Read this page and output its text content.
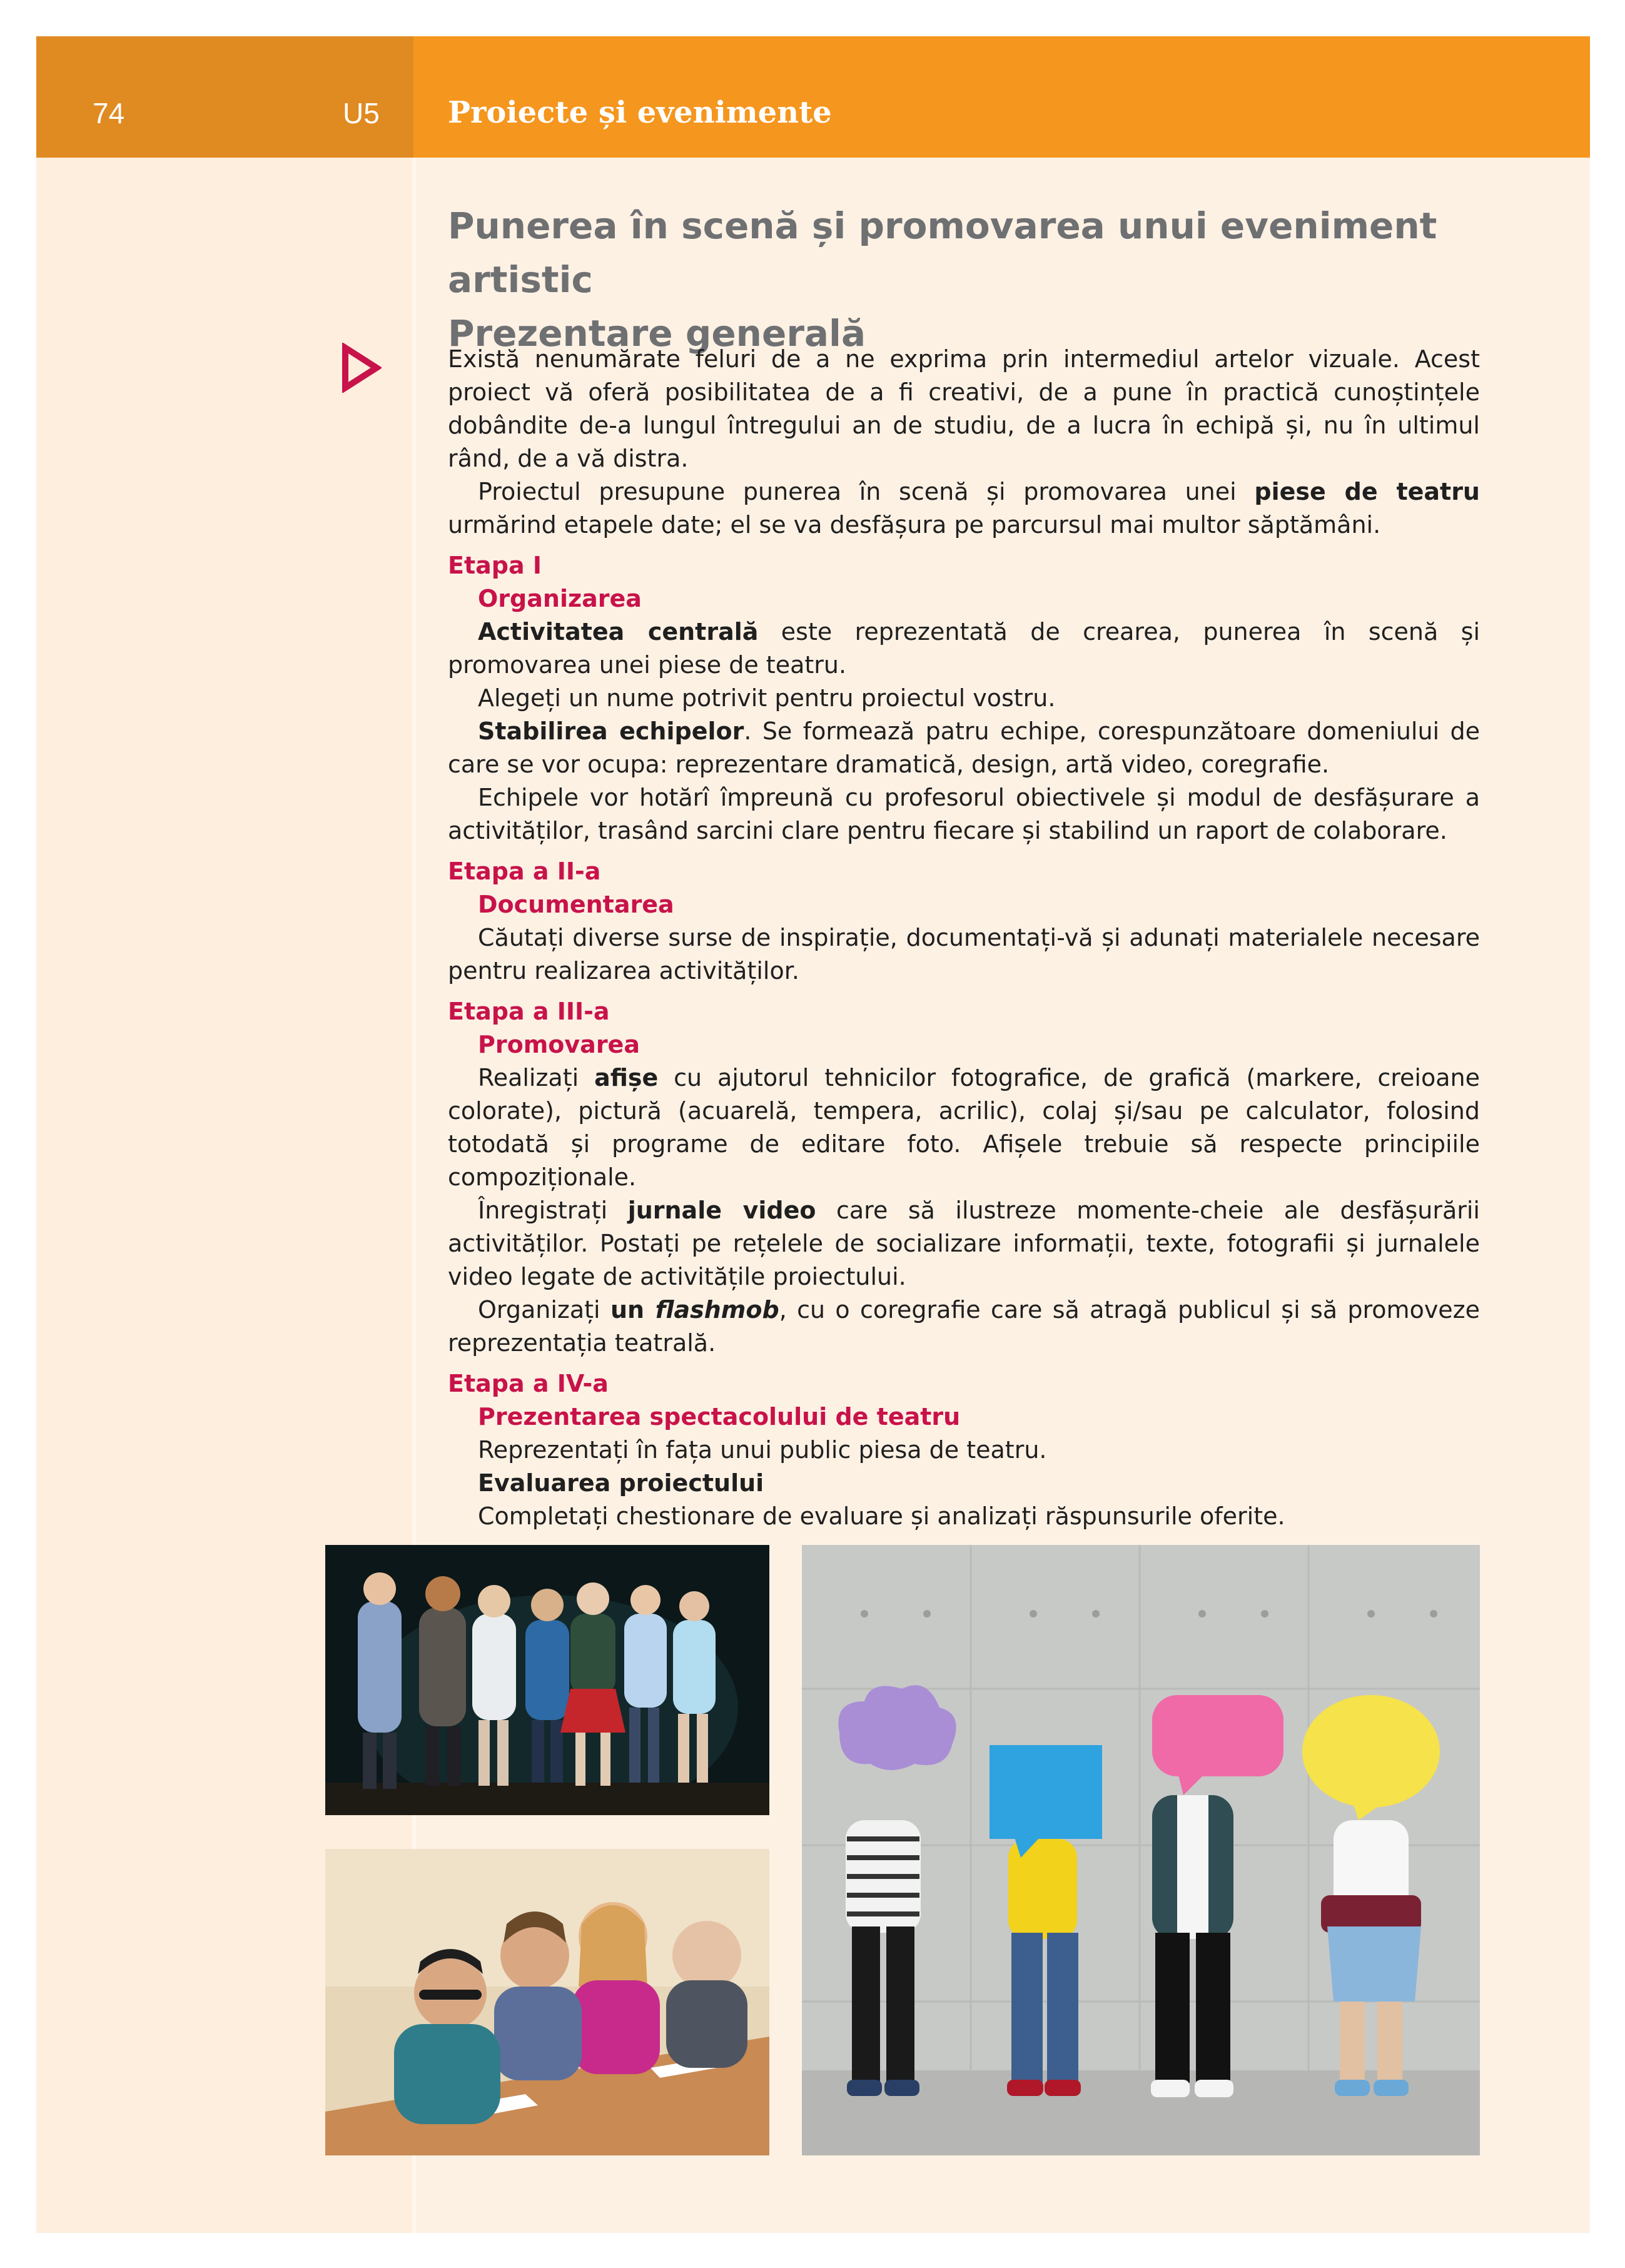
74	U5 Proiecte și evenimente
Punerea în scenă și promovarea unui eveniment artistic
Prezentare generală

Există nenumărate feluri de a ne exprima prin intermediul artelor vizuale. Acest proiect vă oferă posibilitatea de a fi creativi, de a pune în practică cunoștințele dobândite de-a lungul întregului an de studiu, de a lucra în echipă și, nu în ultimul rând, de a vă distra.

Proiectul presupune punerea în scenă și promovarea unei piese de teatru urmărind etapele date; el se va desfășura pe parcursul mai multor săptămâni.

Etapa I

Organizarea

Activitatea centrală este reprezentată de crearea, punerea în scenă și promovarea unei piese de teatru.

Alegeți un nume potrivit pentru proiectul vostru.

Stabilirea echipelor. Se formează patru echipe, corespunzătoare domeniului de care se vor ocupa: reprezentare dramatică, design, artă video, coregrafie.

Echipele vor hotărî împreună cu profesorul obiectivele și modul de desfășurare a activităților, trasând sarcini clare pentru fiecare și stabilind un raport de colaborare.

Etapa a II-a

Documentarea

Căutați diverse surse de inspirație, documentați-vă și adunați materialele necesare pentru realizarea activităților.

Etapa a III-a

Promovarea

Realizați afișe cu ajutorul tehnicilor fotografice, de grafică (markere, creioane colorate), pictură (acuarelă, tempera, acrilic), colaj și/sau pe calculator, folosind totodată și programe de editare foto. Afișele trebuie să respecte principiile compoziționale.

Înregistrați jurnale video care să ilustreze momente-cheie ale desfășurării activităților. Postați pe rețelele de socializare informații, texte, fotografii și jurnalele video legate de activitățile proiectului.

Organizați un flashmob, cu o coregrafie care să atragă publicul și să promoveze reprezentația teatrală.

Etapa a IV-a

Prezentarea spectacolului de teatru

Reprezentați în fața unui public piesa de teatru.

Evaluarea proiectului

Completați chestionare de evaluare și analizați răspunsurile oferite.
